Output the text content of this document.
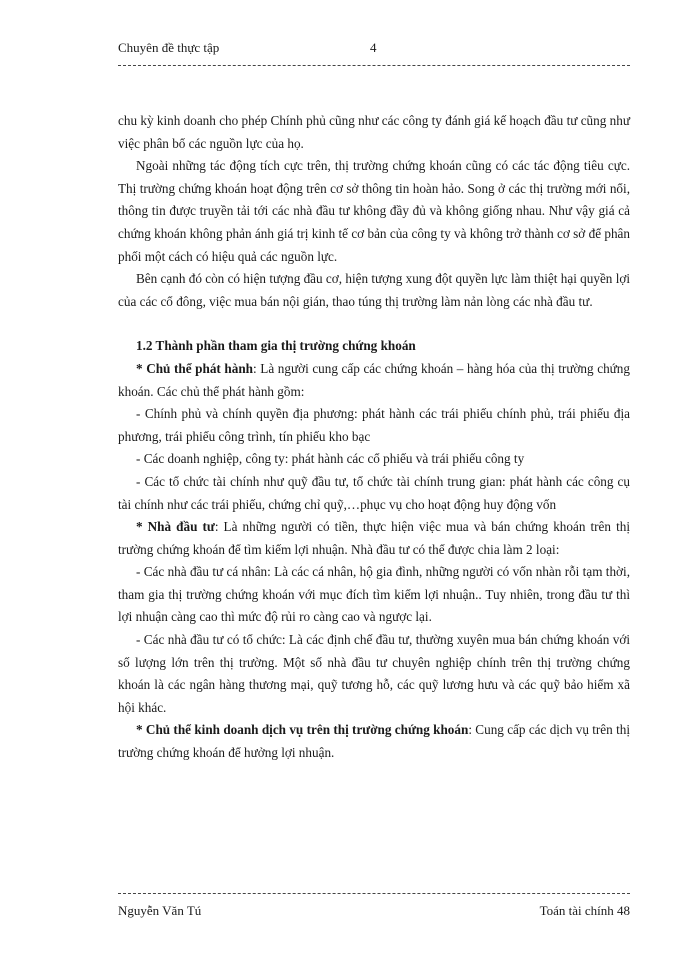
Chuyên đề thực tập	4

chu kỳ kinh doanh cho phép Chính phủ cũng như các công ty đánh giá kế hoạch đầu tư cũng như việc phân bổ các nguồn lực của họ.

Ngoài những tác động tích cực trên, thị trường chứng khoán cũng có các tác động tiêu cực. Thị trường chứng khoán hoạt động trên cơ sở thông tin hoàn hảo. Song ở các thị trường mới nổi, thông tin được truyền tải tới các nhà đầu tư không đầy đủ và không giống nhau. Như vậy giá cả chứng khoán không phản ánh giá trị kinh tế cơ bản của công ty và không trở thành cơ sở để phân phối một cách có hiệu quả các nguồn lực.

Bên cạnh đó còn có hiện tượng đầu cơ, hiện tượng xung đột quyền lực làm thiệt hại quyền lợi của các cổ đông, việc mua bán nội gián, thao túng thị trường làm nản lòng các nhà đầu tư.

1.2 Thành phần tham gia thị trường chứng khoán

* Chủ thể phát hành: Là người cung cấp các chứng khoán – hàng hóa của thị trường chứng khoán. Các chủ thể phát hành gồm:

- Chính phủ và chính quyền địa phương: phát hành các trái phiếu chính phủ, trái phiếu địa phương, trái phiếu công trình, tín phiếu kho bạc

- Các doanh nghiệp, công ty: phát hành các cổ phiếu và trái phiếu công ty

- Các tổ chức tài chính như quỹ đầu tư, tổ chức tài chính trung gian: phát hành các công cụ tài chính như các trái phiếu, chứng chỉ quỹ,…phục vụ cho hoạt động huy động vốn

* Nhà đầu tư: Là những người có tiền, thực hiện việc mua và bán chứng khoán trên thị trường chứng khoán để tìm kiếm lợi nhuận. Nhà đầu tư có thể được chia làm 2 loại:

- Các nhà đầu tư cá nhân: Là các cá nhân, hộ gia đình, những người có vốn nhàn rỗi tạm thời, tham gia thị trường chứng khoán với mục đích tìm kiếm lợi nhuận.. Tuy nhiên, trong đầu tư thì lợi nhuận càng cao thì mức độ rủi ro càng cao và ngược lại.

- Các nhà đầu tư có tổ chức: Là các định chế đầu tư, thường xuyên mua bán chứng khoán với số lượng lớn trên thị trường. Một số nhà đầu tư chuyên nghiệp chính trên thị trường chứng khoán là các ngân hàng thương mại, quỹ tương hỗ, các quỹ lương hưu và các quỹ bảo hiểm xã hội khác.

* Chủ thể kinh doanh dịch vụ trên thị trường chứng khoán: Cung cấp các dịch vụ trên thị trường chứng khoán để hưởng lợi nhuận.

Nguyễn Văn Tú	Toán tài chính 48
